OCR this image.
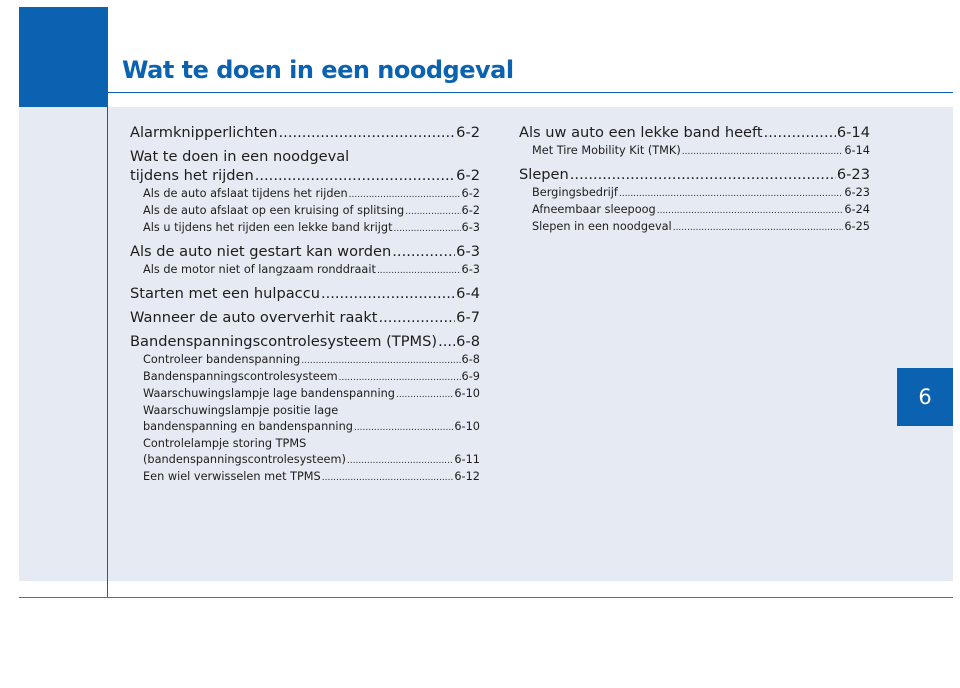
Wat te doen in een noodgeval
6
Alarmknipperlichten .....	6-2
Wat te doen in een noodgeval
tijdens het rijden .....	6-2
Als de auto afslaat tijdens het rijden .....	6-2
Als de auto afslaat op een kruising of splitsing .....	6-2
Als u tijdens het rijden een lekke band krijgt .....	6-3
Als de auto niet gestart kan worden .....	6-3
Als de motor niet of langzaam ronddraait .....	6-3
Starten met een hulpaccu .....	6-4
Wanneer de auto oververhit raakt .....	6-7
Bandenspanningscontrolesysteem (TPMS) ..... 6-8
Controleer bandenspanning .....	6-8
Bandenspanningscontrolesysteem .....	6-9
Waarschuwingslampje lage bandenspanning .....	6-10
Waarschuwingslampje positie lage
bandenspanning en bandenspanning .....	6-10
Controlelampje storing TPMS
(bandenspanningscontrolesysteem) .....	6-11
Een wiel verwisselen met TPMS .....	6-12
Als uw auto een lekke band heeft .....	6-14
Met Tire Mobility Kit (TMK) .....	6-14
Slepen .....	6-23
Bergingsbedrijf .....	6-23
Afneembaar sleepoog .....	6-24
Slepen in een noodgeval .....	6-25
